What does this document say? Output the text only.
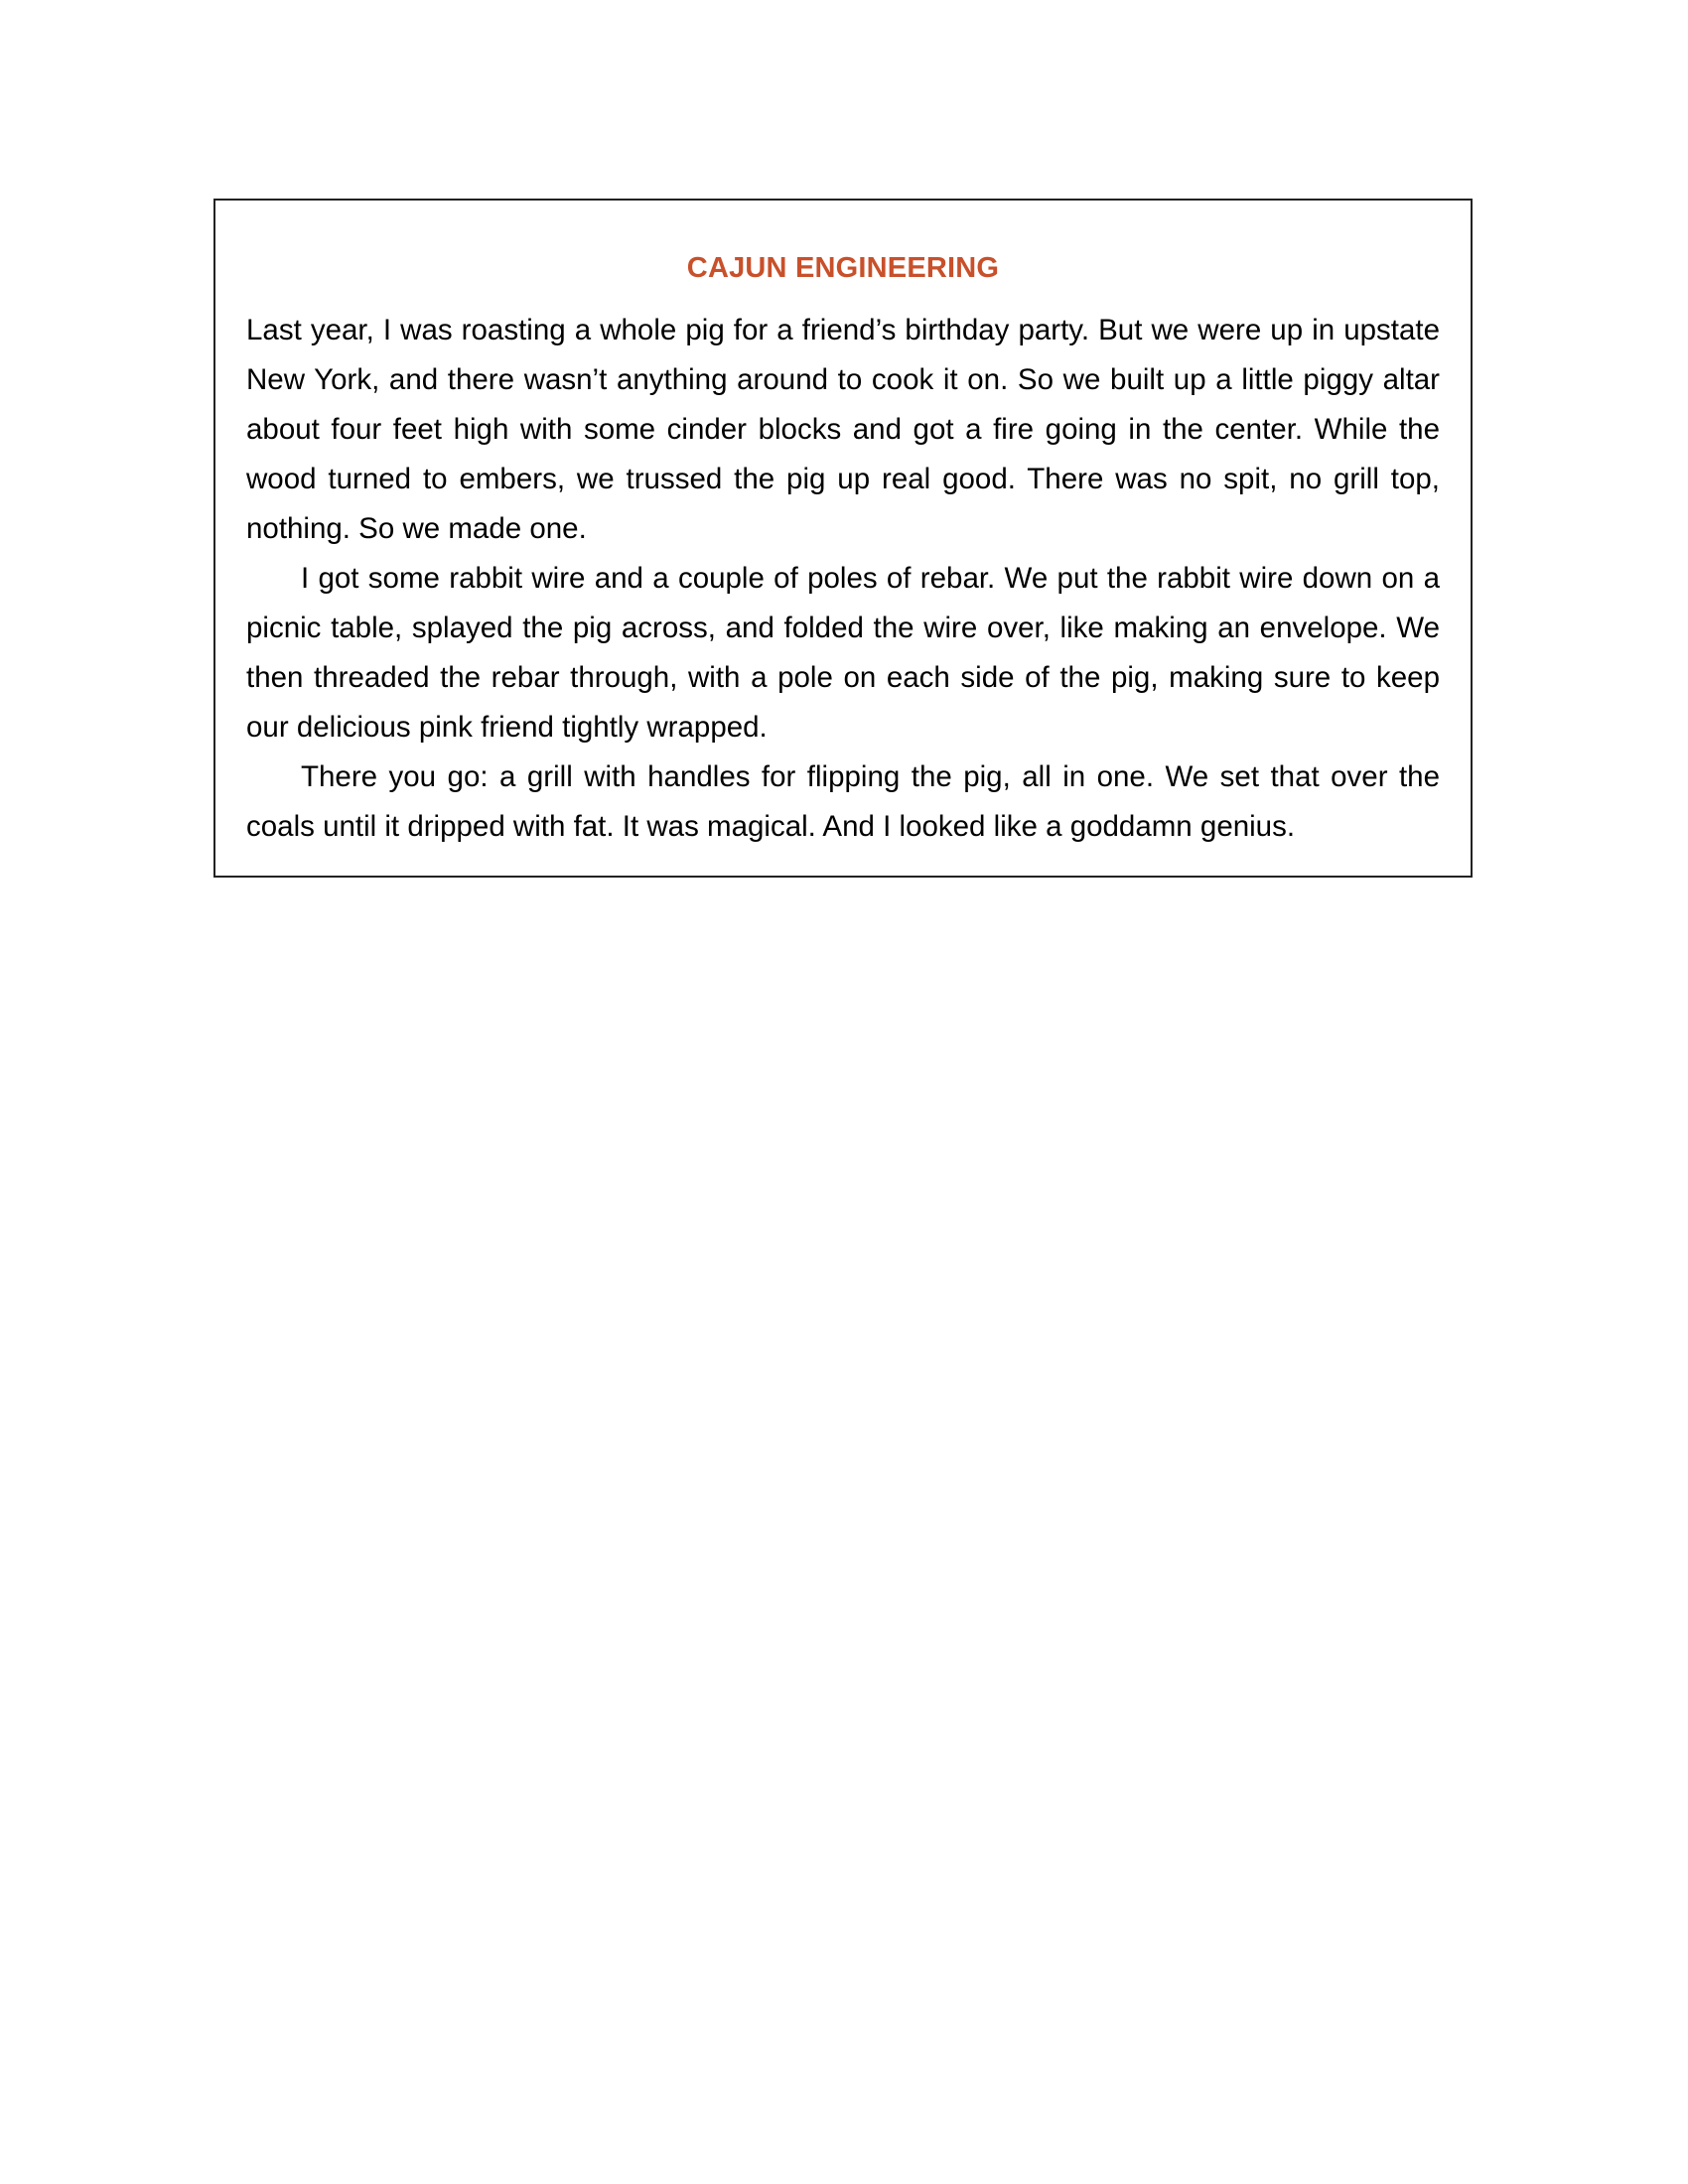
CAJUN ENGINEERING

Last year, I was roasting a whole pig for a friend’s birthday party. But we were up in upstate New York, and there wasn’t anything around to cook it on. So we built up a little piggy altar about four feet high with some cinder blocks and got a fire going in the center. While the wood turned to embers, we trussed the pig up real good. There was no spit, no grill top, nothing. So we made one.

I got some rabbit wire and a couple of poles of rebar. We put the rabbit wire down on a picnic table, splayed the pig across, and folded the wire over, like making an envelope. We then threaded the rebar through, with a pole on each side of the pig, making sure to keep our delicious pink friend tightly wrapped.

There you go: a grill with handles for flipping the pig, all in one. We set that over the coals until it dripped with fat. It was magical. And I looked like a goddamn genius.
